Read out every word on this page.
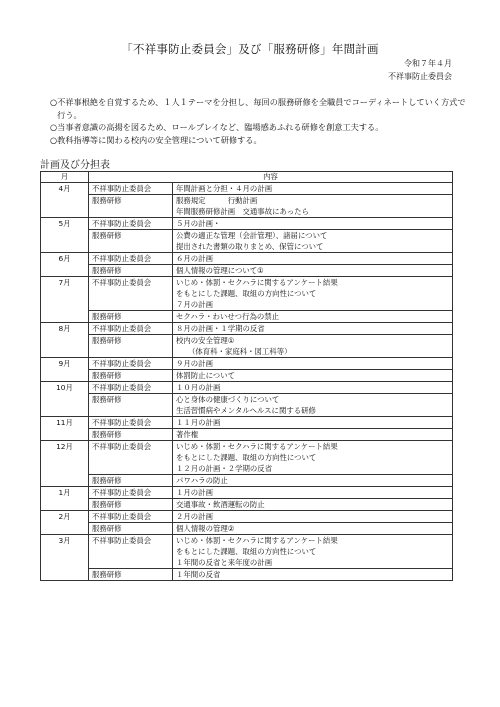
「不祥事防止委員会」及び「服務研修」年間計画
令和７年４月
不祥事防止委員会
○ 不祥事根絶を自覚するため、１人１テーマを分担し、毎回の服務研修を全職員でコーディネートしていく方式で行う。
○ 当事者意識の高揚を図るため、ロールプレイなど、臨場感あふれる研修を創意工夫する。
○ 教科指導等に関わる校内の安全管理について研修する。
計画及び分担表
月	内容	
4月	不祥事防止委員会	年間計画と分担・４月の計画

	服務研修	服務規定　　　行動計画
年間服務研修計画　交通事故にあったら

5月	不祥事防止委員会	５月の計画・

	服務研修	公費の適正な管理（会計管理）、諸届について
提出された書類の取りまとめ、保管について

6月	不祥事防止委員会	６月の計画

	服務研修	個人情報の管理について①

7月	不祥事防止委員会	いじめ・体罰・セクハラに関するアンケート結果
をもとにした課題、取組の方向性について
７月の計画

	服務研修	セクハラ・わいせつ行為の禁止

8月	不祥事防止委員会	８月の計画・１学期の反省

	服務研修	校内の安全管理①
（体育科・家庭科・図工科等）

9月	不祥事防止委員会	９月の計画

	服務研修	体罰防止について

10月	不祥事防止委員会	１０月の計画

	服務研修	心と身体の健康づくりについて
生活習慣病やメンタルヘルスに関する研修

11月	不祥事防止委員会	１１月の計画

	服務研修	著作権

12月	不祥事防止委員会	いじめ・体罰・セクハラに関するアンケート結果
をもとにした課題、取組の方向性について
１２月の計画・２学期の反省

	服務研修	パワハラの防止

1月	不祥事防止委員会	１月の計画

	服務研修	交通事故・飲酒運転の防止

2月	不祥事防止委員会	２月の計画

	服務研修	個人情報の管理②

3月	不祥事防止委員会	いじめ・体罰・セクハラに関するアンケート結果
をもとにした課題、取組の方向性について
１年間の反省と来年度の計画

	服務研修	１年間の反省
